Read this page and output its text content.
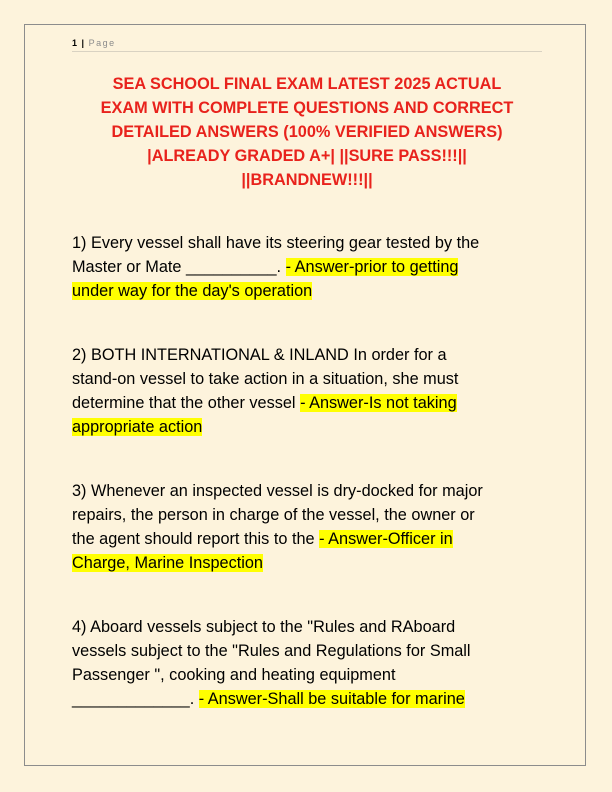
1 | Page
SEA SCHOOL FINAL EXAM LATEST 2025 ACTUAL
EXAM WITH COMPLETE QUESTIONS AND CORRECT
DETAILED ANSWERS (100% VERIFIED ANSWERS)
|ALREADY GRADED A+| ||SURE PASS!!!||
||BRANDNEW!!!||
1) Every vessel shall have its steering gear tested by the
Master or Mate __________. - Answer-prior to getting
under way for the day's operation
2) BOTH INTERNATIONAL & INLAND In order for a
stand-on vessel to take action in a situation, she must
determine that the other vessel - Answer-Is not taking
appropriate action
3) Whenever an inspected vessel is dry-docked for major
repairs, the person in charge of the vessel, the owner or
the agent should report this to the - Answer-Officer in
Charge, Marine Inspection
4) Aboard vessels subject to the "Rules and RAboard
vessels subject to the "Rules and Regulations for Small
Passenger ", cooking and heating equipment
_____________. - Answer-Shall be suitable for marine
